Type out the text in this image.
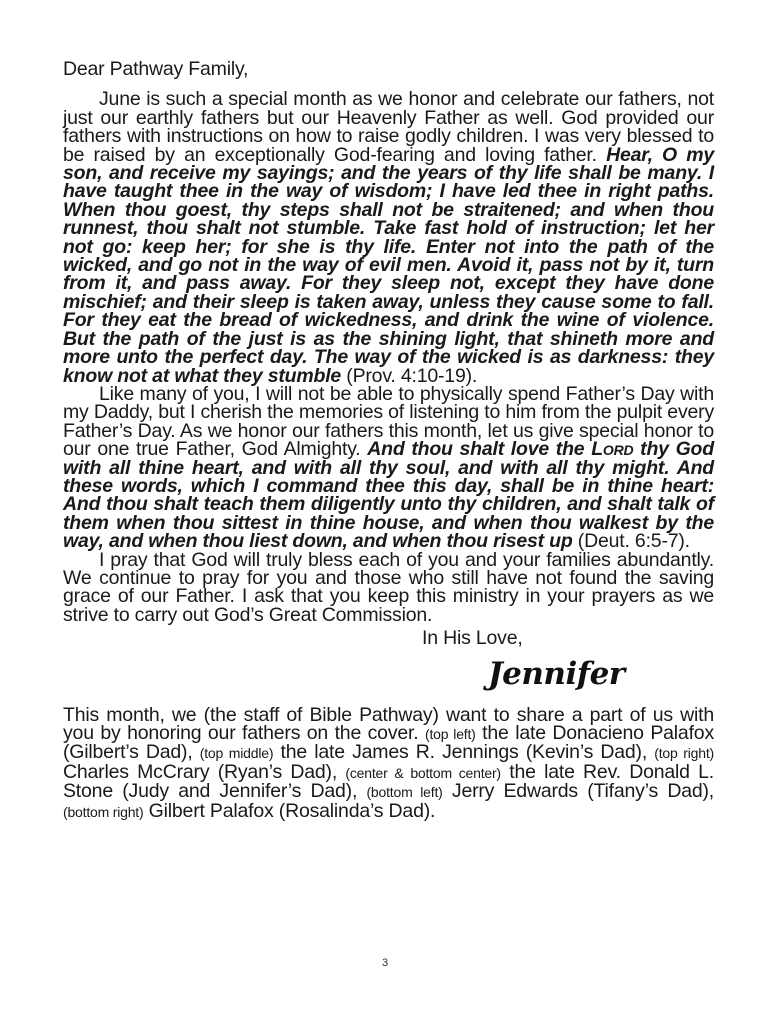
Dear Pathway Family,

June is such a special month as we honor and celebrate our fathers, not just our earthly fathers but our Heavenly Father as well. God provided our fathers with instructions on how to raise godly children. I was very blessed to be raised by an exceptionally God-fearing and loving father. Hear, O my son, and receive my sayings; and the years of thy life shall be many. I have taught thee in the way of wisdom; I have led thee in right paths. When thou goest, thy steps shall not be straitened; and when thou runnest, thou shalt not stumble. Take fast hold of instruction; let her not go: keep her; for she is thy life. Enter not into the path of the wicked, and go not in the way of evil men. Avoid it, pass not by it, turn from it, and pass away. For they sleep not, except they have done mischief; and their sleep is taken away, unless they cause some to fall. For they eat the bread of wickedness, and drink the wine of violence. But the path of the just is as the shining light, that shineth more and more unto the perfect day. The way of the wicked is as darkness: they know not at what they stumble (Prov. 4:10-19).

Like many of you, I will not be able to physically spend Father’s Day with my Daddy, but I cherish the memories of listening to him from the pulpit every Father’s Day. As we honor our fathers this month, let us give special honor to our one true Father, God Almighty. And thou shalt love the Lord thy God with all thine heart, and with all thy soul, and with all thy might. And these words, which I command thee this day, shall be in thine heart: And thou shalt teach them diligently unto thy children, and shalt talk of them when thou sittest in thine house, and when thou walkest by the way, and when thou liest down, and when thou risest up (Deut. 6:5-7).

I pray that God will truly bless each of you and your families abundantly. We continue to pray for you and those who still have not found the saving grace of our Father. I ask that you keep this ministry in your prayers as we strive to carry out God’s Great Commission.

In His Love,

Jennifer

This month, we (the staff of Bible Pathway) want to share a part of us with you by honoring our fathers on the cover. (top left) the late Donacieno Palafox (Gilbert’s Dad), (top middle) the late James R. Jennings (Kevin’s Dad), (top right) Charles McCrary (Ryan’s Dad), (center & bottom center) the late Rev. Donald L. Stone (Judy and Jennifer’s Dad), (bottom left) Jerry Edwards (Tifany’s Dad), (bottom right) Gilbert Palafox (Rosalinda’s Dad).

3
